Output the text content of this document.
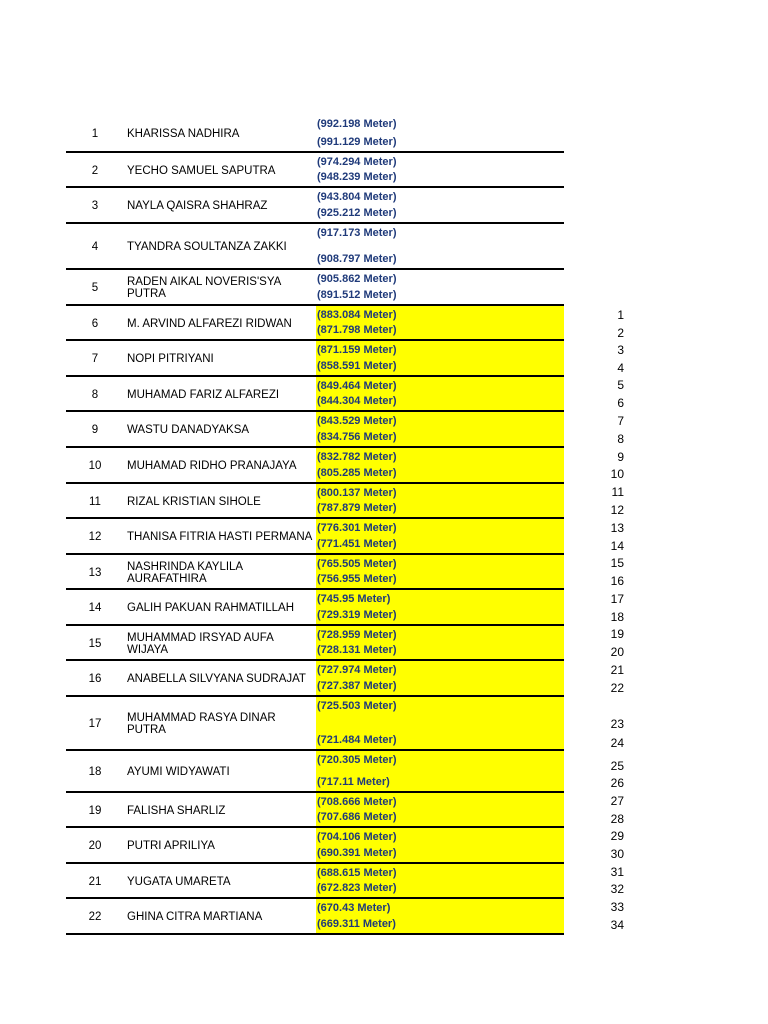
1	KHARISSA NADHIRA
(992.198 Meter)
(991.129 Meter)
2	YECHO SAMUEL SAPUTRA
(974.294 Meter)
(948.239 Meter)
3	NAYLA QAISRA SHAHRAZ
(943.804 Meter)
(925.212 Meter)
4	TYANDRA SOULTANZA ZAKKI
(917.173 Meter)
(908.797 Meter)
5	RADEN AIKAL NOVERIS'SYA PUTRA
(905.862 Meter)
(891.512 Meter)
6	M. ARVIND ALFAREZI RIDWAN
(883.084 Meter)
(871.798 Meter)
7	NOPI PITRIYANI
(871.159 Meter)
(858.591 Meter)
8	MUHAMAD FARIZ ALFAREZI
(849.464 Meter)
(844.304 Meter)
9	WASTU DANADYAKSA
(843.529 Meter)
(834.756 Meter)
10	MUHAMAD RIDHO PRANAJAYA
(832.782 Meter)
(805.285 Meter)
11	RIZAL KRISTIAN SIHOLE
(800.137 Meter)
(787.879 Meter)
12	THANISA FITRIA HASTI PERMANA
(776.301 Meter)
(771.451 Meter)
13	NASHRINDA KAYLILA AURAFATHIRA
(765.505 Meter)
(756.955 Meter)
14	GALIH PAKUAN RAHMATILLAH
(745.95 Meter)
(729.319 Meter)
15	MUHAMMAD IRSYAD AUFA WIJAYA
(728.959 Meter)
(728.131 Meter)
16	ANABELLA SILVYANA SUDRAJAT
(727.974 Meter)
(727.387 Meter)
17	MUHAMMAD RASYA DINAR PUTRA
(725.503 Meter)
(721.484 Meter)
18	AYUMI WIDYAWATI
(720.305 Meter)
(717.11 Meter)
19	FALISHA SHARLIZ
(708.666 Meter)
(707.686 Meter)
20	PUTRI APRILIYA
(704.106 Meter)
(690.391 Meter)
21	YUGATA UMARETA
(688.615 Meter)
(672.823 Meter)
22	GHINA CITRA MARTIANA
(670.43 Meter)
(669.311 Meter)
1
2
3
4
5
6
7
8
9
10
11
12
13
14
15
16
17
18
19
20
21
22
23
24
25
26
27
28
29
30
31
32
33
34
